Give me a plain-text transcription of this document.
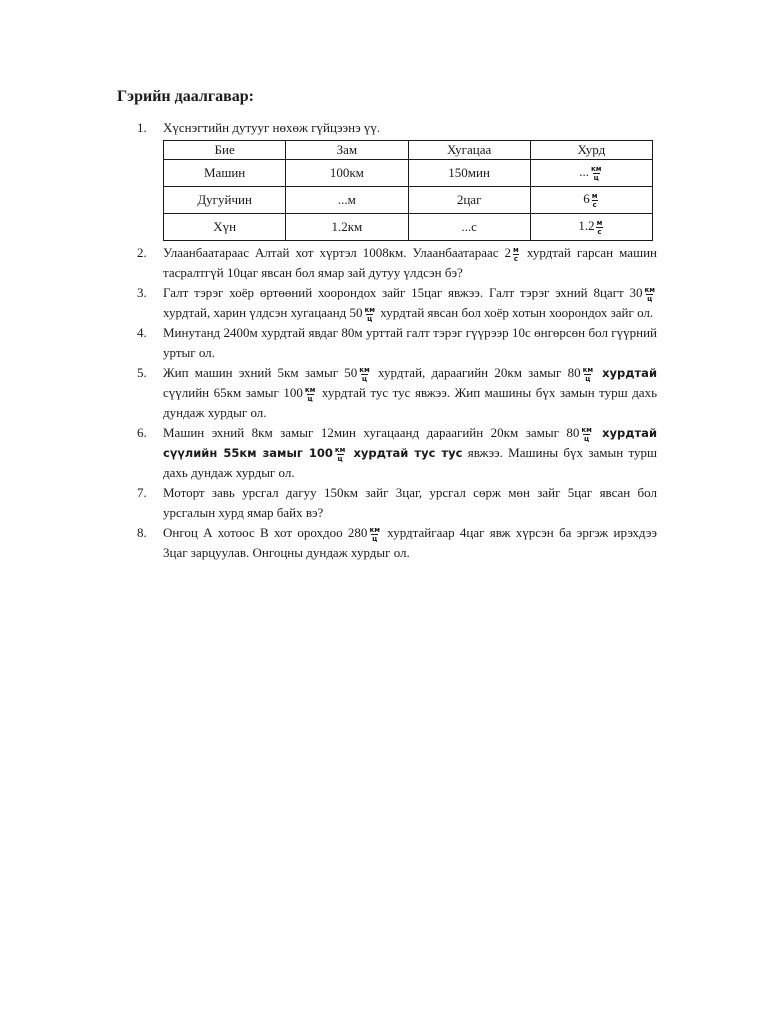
Гэрийн даалгавар:
1. Хүснэгтийн дутууг нөхөж гүйцээнэ үү.
Бие	Зам	Хугацаа	Хурд
Машин	100км	150мин	... $\frac{км}{ц}$

Дугуйчин	...м	2цаг	$6 \frac{м}{с}$

Хүн	1.2км	...с	$1.2 \frac{м}{с}$
2. Улаанбаатараас Алтай хот хүртэл 1008км. Улаанбаатараас $2 \frac{м}{с}$ хурдтай гарсан машин тасралтгүй 10цаг явсан бол ямар зай дутуу үлдсэн бэ?
3. Галт тэрэг хоёр өртөөний хоорондох зайг 15цаг явжээ. Галт тэрэг эхний 8цагт $30 \frac{км}{ц}$
хурдтай, харин үлдсэн хугацаанд $50 \frac{км}{ц}$ хурдтай явсан бол хоёр хотын хоорондох зайг ол.
4. Минутанд 2400м хурдтай явдаг 80м урттай галт тэрэг гүүрээр 10с өнгөрсөн бол гүүрний уртыг ол.
5. Жип машин эхний 5км замыг $50 \frac{км}{ц}$ хурдтай, дараагийн 20км замыг $80 \frac{км}{ц}$ хурдтай сүүлийн 65км замыг $100 \frac{км}{ц}$ хурдтай тус тус явжээ. Жип машины бүх замын турш дахь дундаж хурдыг ол.
6. Машин эхний 8км замыг 12мин хугацаанд дараагийн 20км замыг $80 \frac{км}{ц}$ хурдтай сүүлийн 55км замыг $100 \frac{км}{ц}$ хурдтай тус тус явжээ. Машины бүх замын турш дахь дундаж хурдыг ол.
7. Моторт завь урсгал дагуу 150км зайг 3цаг, урсгал сөрж мөн зайг 5цаг явсан бол урсгалын хурд ямар байх вэ?
8. Онгоц А хотоос В хот орохдоо $280 \frac{км}{ц}$ хурдтайгаар 4цаг явж хүрсэн ба эргэж ирэхдээ 3цаг зарцуулав. Онгоцны дундаж хурдыг ол.
